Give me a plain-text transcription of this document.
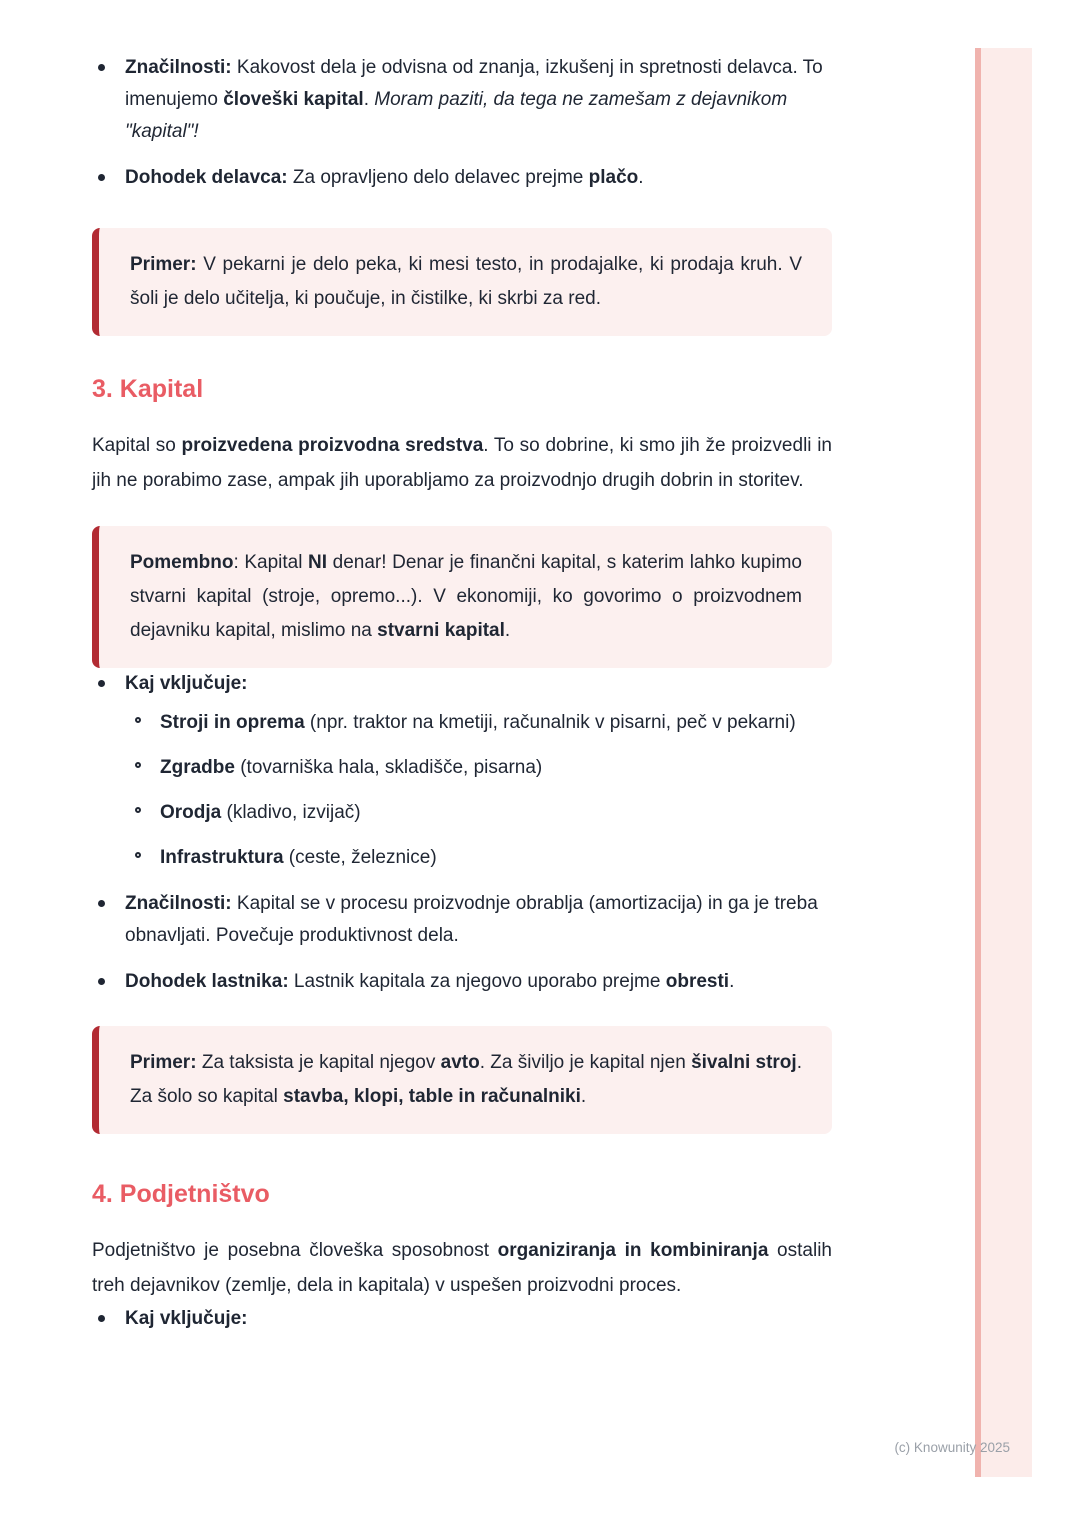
Značilnosti: Kakovost dela je odvisna od znanja, izkušenj in spretnosti delavca. To imenujemo človeški kapital. Moram paziti, da tega ne zamešam z dejavnikom "kapital"!
Dohodek delavca: Za opravljeno delo delavec prejme plačo.
Primer: V pekarni je delo peka, ki mesi testo, in prodajalke, ki prodaja kruh. V šoli je delo učitelja, ki poučuje, in čistilke, ki skrbi za red.
3. Kapital

Kapital so proizvedena proizvodna sredstva. To so dobrine, ki smo jih že proizvedli in jih ne porabimo zase, ampak jih uporabljamo za proizvodnjo drugih dobrin in storitev.

Pomembno: Kapital NI denar! Denar je finančni kapital, s katerim lahko kupimo stvarni kapital (stroje, opremo...). V ekonomiji, ko govorimo o proizvodnem dejavniku kapital, mislimo na stvarni kapital.
Kaj vključuje:
Stroji in oprema (npr. traktor na kmetiji, računalnik v pisarni, peč v pekarni)
Zgradbe (tovarniška hala, skladišče, pisarna)
Orodja (kladivo, izvijač)
Infrastruktura (ceste, železnice)
Značilnosti: Kapital se v procesu proizvodnje obrablja (amortizacija) in ga je treba obnavljati. Povečuje produktivnost dela.
Dohodek lastnika: Lastnik kapitala za njegovo uporabo prejme obresti.
Primer: Za taksista je kapital njegov avto. Za šiviljo je kapital njen šivalni stroj. Za šolo so kapital stavba, klopi, table in računalniki.
4. Podjetništvo

Podjetništvo je posebna človeška sposobnost organiziranja in kombiniranja ostalih treh dejavnikov (zemlje, dela in kapitala) v uspešen proizvodni proces.

Kaj vključuje:
(c) Knowunity 2025
